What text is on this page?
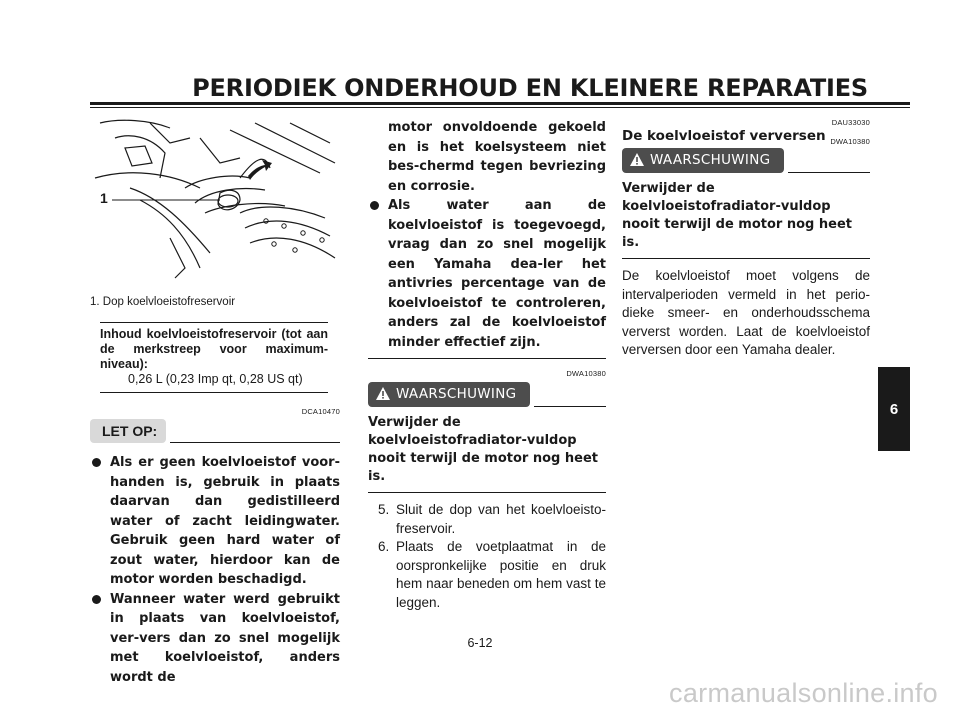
PERIODIEK ONDERHOUD EN KLEINERE REPARATIES
1
1. Dop koelvloeistofreservoir
Inhoud koelvloeistofreservoir (tot aan de merkstreep voor maximum-niveau):
0,26 L (0,23 Imp qt, 0,28 US qt)
DCA10470
LET OP:
Als er geen koelvloeistof voor-handen is, gebruik in plaats daarvan dan gedistilleerd water of zacht leidingwater. Gebruik geen hard water of zout water, hierdoor kan de motor worden beschadigd.
Wanneer water werd gebruikt in plaats van koelvloeistof, ver-vers dan zo snel mogelijk met koelvloeistof, anders wordt de
motor onvoldoende gekoeld en is het koelsysteem niet bes-chermd tegen bevriezing en corrosie.
Als water aan de koelvloeistof is toegevoegd, vraag dan zo snel mogelijk een Yamaha dea-ler het antivries percentage van de koelvloeistof te controleren, anders zal de koelvloeistof minder effectief zijn.
DWA10380
WAARSCHUWING
Verwijder de koelvloeistofradiator-vuldop nooit terwijl de motor nog heet is.
5. Sluit de dop van het koelvloeisto-freservoir.
6. Plaats de voetplaatmat in de oorspronkelijke positie en druk hem naar beneden om hem vast te leggen.
DAU33030
De koelvloeistof verversen DWA10380
WAARSCHUWING
Verwijder de koelvloeistofradiator-vuldop nooit terwijl de motor nog heet is.
De koelvloeistof moet volgens de intervalperioden vermeld in het perio-dieke smeer- en onderhoudsschema ververst worden. Laat de koelvloeistof verversen door een Yamaha dealer.
6
6-12
carmanualsonline.info
